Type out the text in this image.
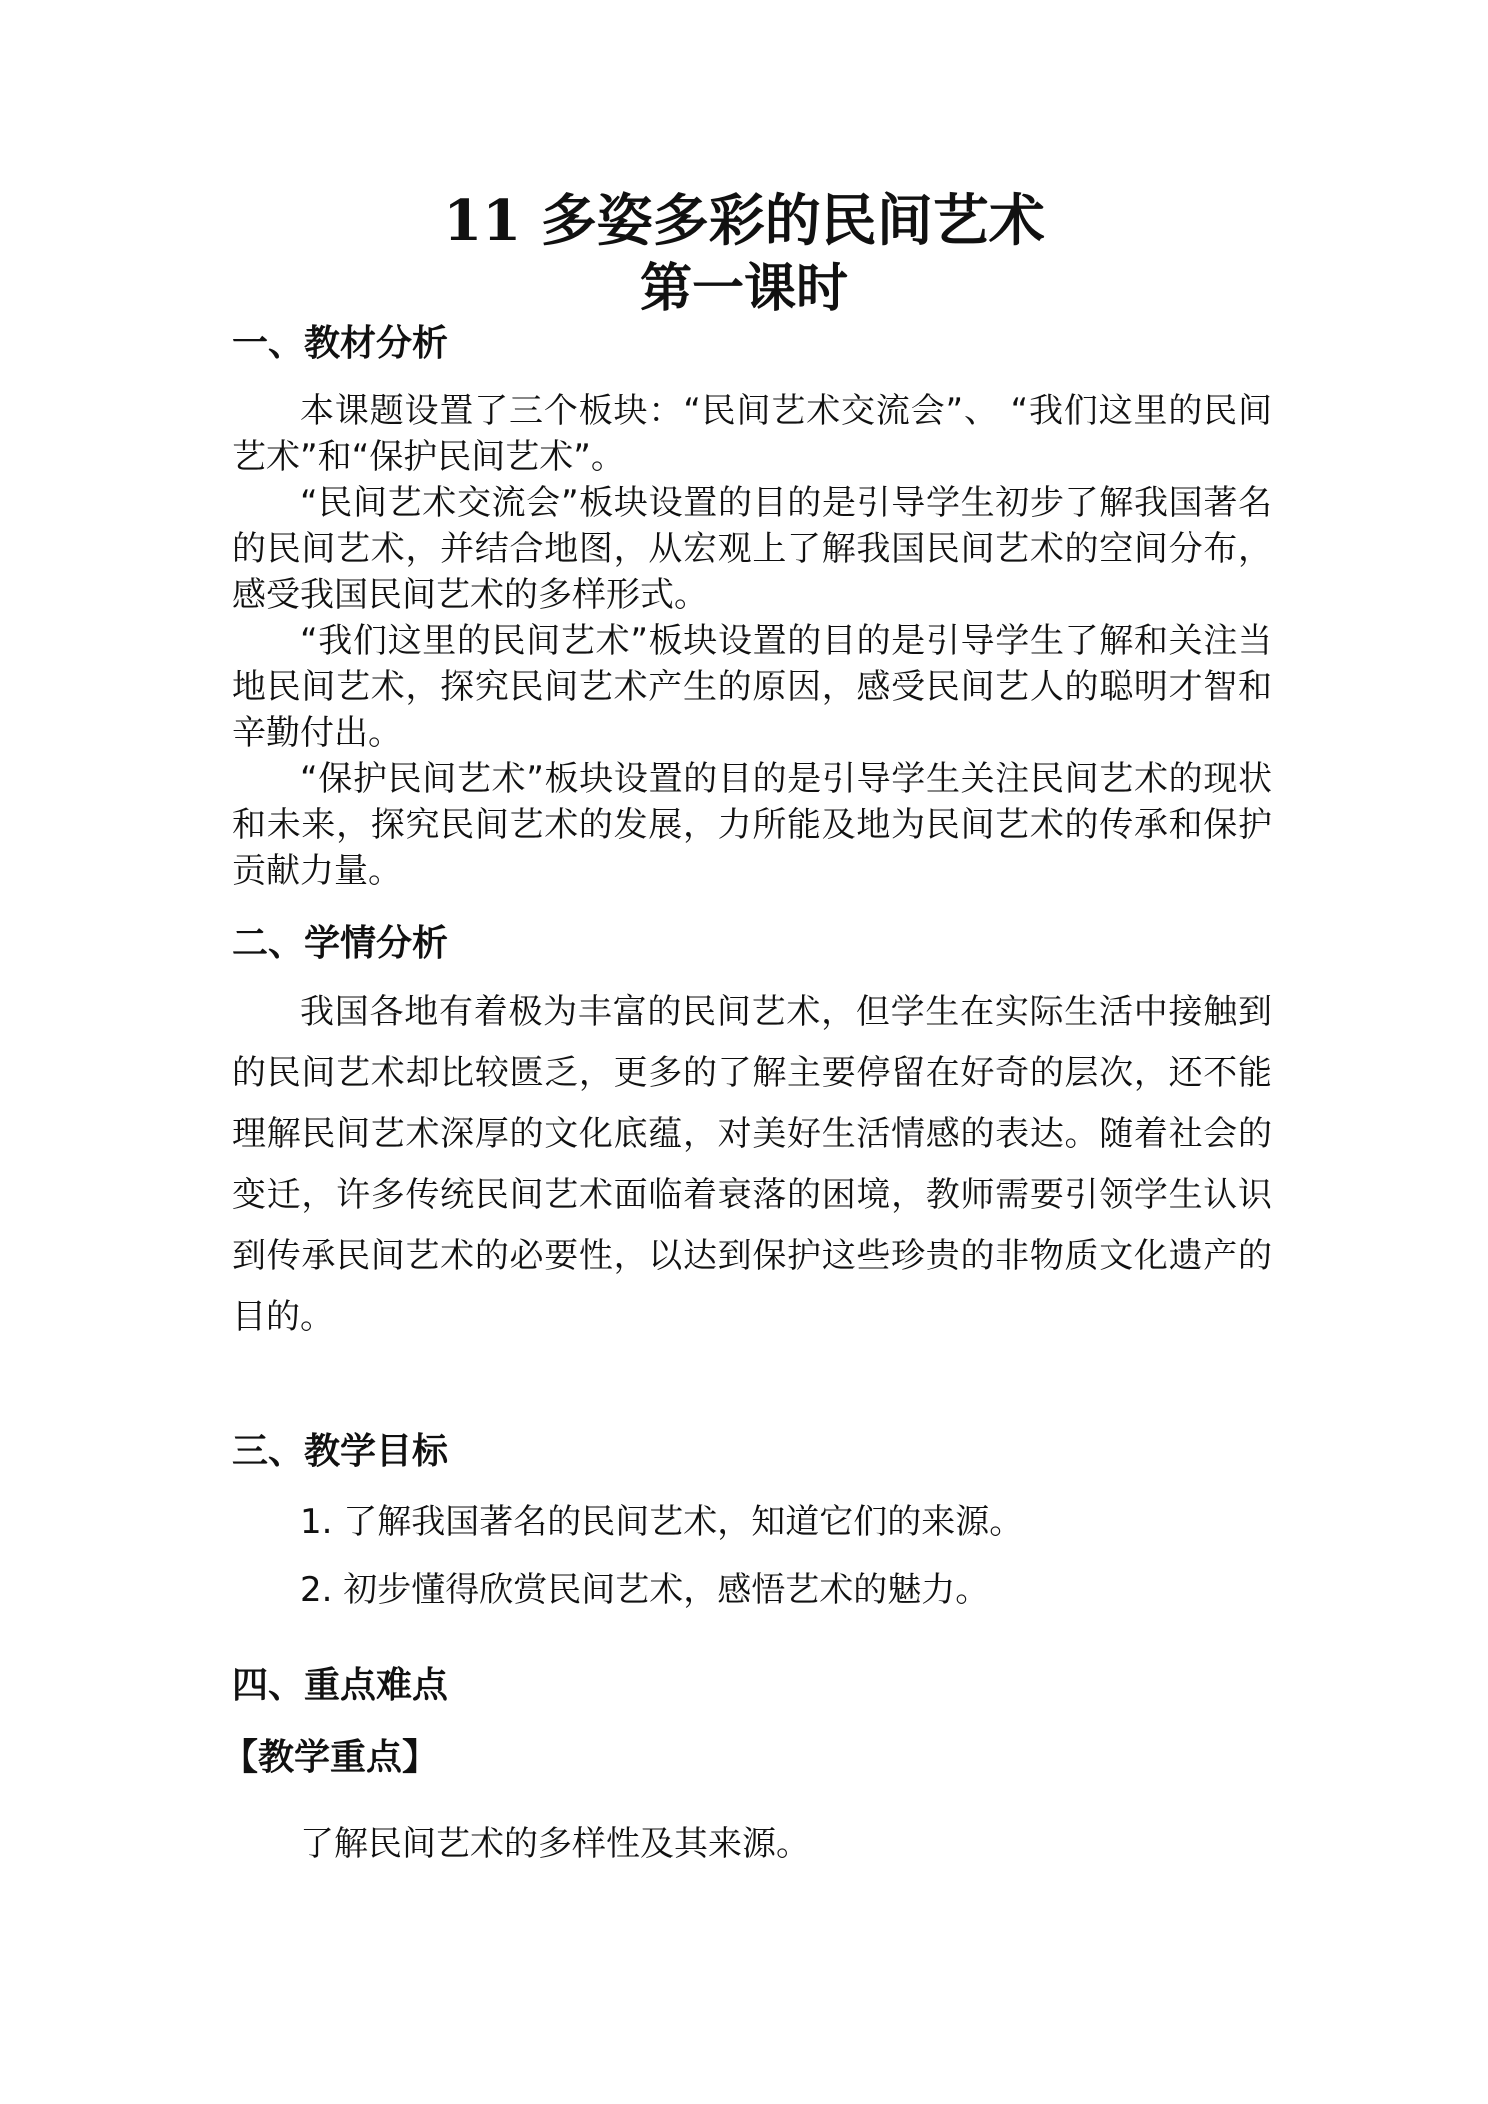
11 多姿多彩的民间艺术
第一课时
一、教材分析

本课题设置了三个板块：“民间艺术交流会”、 “我们这里的民间艺术”和“保护民间艺术”。

“民间艺术交流会”板块设置的目的是引导学生初步了解我国著名的民间艺术，并结合地图，从宏观上了解我国民间艺术的空间分布，感受我国民间艺术的多样形式。

“我们这里的民间艺术”板块设置的目的是引导学生了解和关注当地民间艺术，探究民间艺术产生的原因，感受民间艺人的聪明才智和辛勤付出。

“保护民间艺术”板块设置的目的是引导学生关注民间艺术的现状和未来，探究民间艺术的发展，力所能及地为民间艺术的传承和保护贡献力量。

二、学情分析

我国各地有着极为丰富的民间艺术，但学生在实际生活中接触到的民间艺术却比较匮乏，更多的了解主要停留在好奇的层次，还不能理解民间艺术深厚的文化底蕴，对美好生活情感的表达。随着社会的变迁，许多传统民间艺术面临着衰落的困境，教师需要引领学生认识到传承民间艺术的必要性，以达到保护这些珍贵的非物质文化遗产的目的。

三、教学目标
1. 了解我国著名的民间艺术，知道它们的来源。
2. 初步懂得欣赏民间艺术，感悟艺术的魅力。
四、重点难点
【教学重点】
了解民间艺术的多样性及其来源。
